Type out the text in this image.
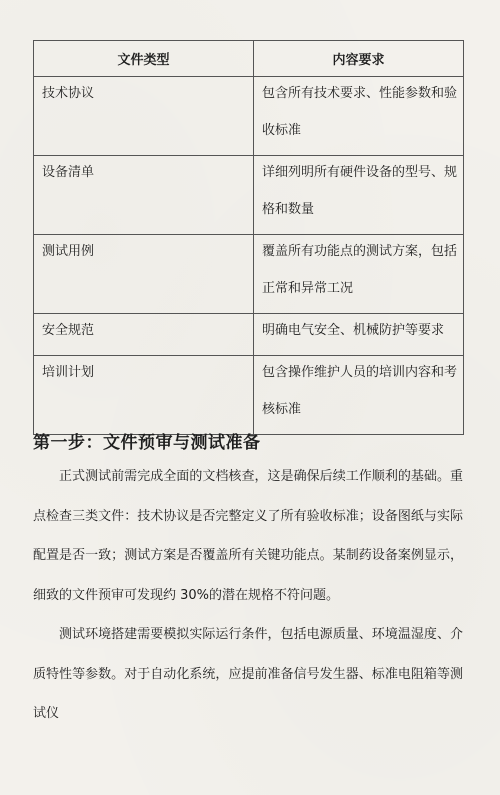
文件类型	内容要求

技术协议	包含所有技术要求、性能参数和验收标准

设备清单	详细列明所有硬件设备的型号、规格和数量

测试用例	覆盖所有功能点的测试方案，包括正常和异常工况

安全规范	明确电气安全、机械防护等要求

培训计划	包含操作维护人员的培训内容和考核标准
第一步：文件预审与测试准备

正式测试前需完成全面的文档核查，这是确保后续工作顺利的基础。重点检查三类文件：技术协议是否完整定义了所有验收标准；设备图纸与实际配置是否一致；测试方案是否覆盖所有关键功能点。某制药设备案例显示，细致的文件预审可发现约 30%的潜在规格不符问题。

测试环境搭建需要模拟实际运行条件，包括电源质量、环境温湿度、介质特性等参数。对于自动化系统，应提前准备信号发生器、标准电阻箱等测试仪
